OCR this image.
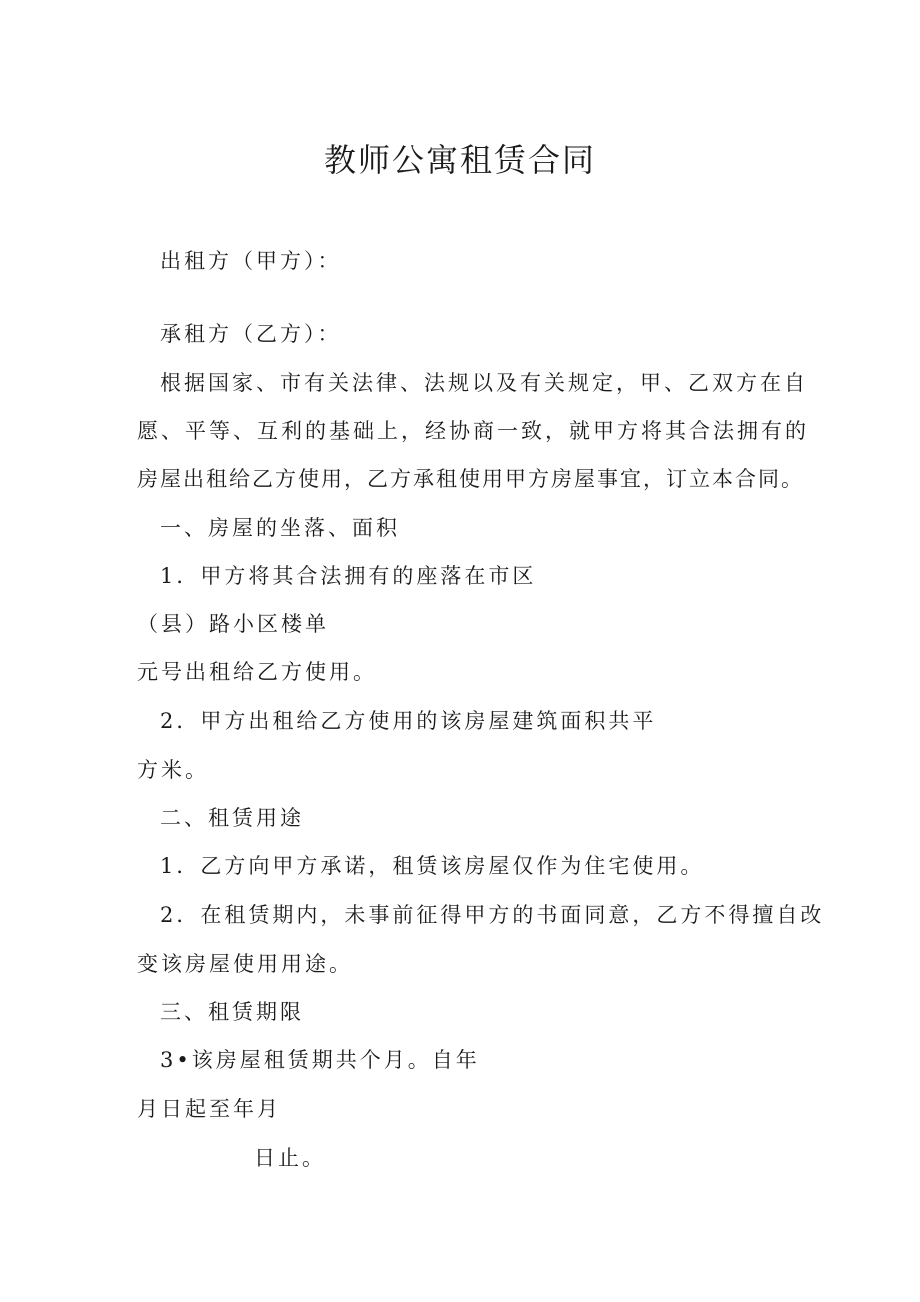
教师公寓租赁合同
出租方（甲方）：
承租方（乙方）：
根据国家、市有关法律、法规以及有关规定，甲、乙双方在自
愿、平等、互利的基础上，经协商一致，就甲方将其合法拥有的
房屋出租给乙方使用，乙方承租使用甲方房屋事宜，订立本合同。
一、房屋的坐落、面积
1．甲方将其合法拥有的座落在市区
（县）路小区楼单
元号出租给乙方使用。
2．甲方出租给乙方使用的该房屋建筑面积共平
方米。
二、租赁用途
1．乙方向甲方承诺，租赁该房屋仅作为住宅使用。
2．在租赁期内，未事前征得甲方的书面同意，乙方不得擅自改
变该房屋使用用途。
三、租赁期限
3•该房屋租赁期共个月。自年
月日起至年月
日止。
